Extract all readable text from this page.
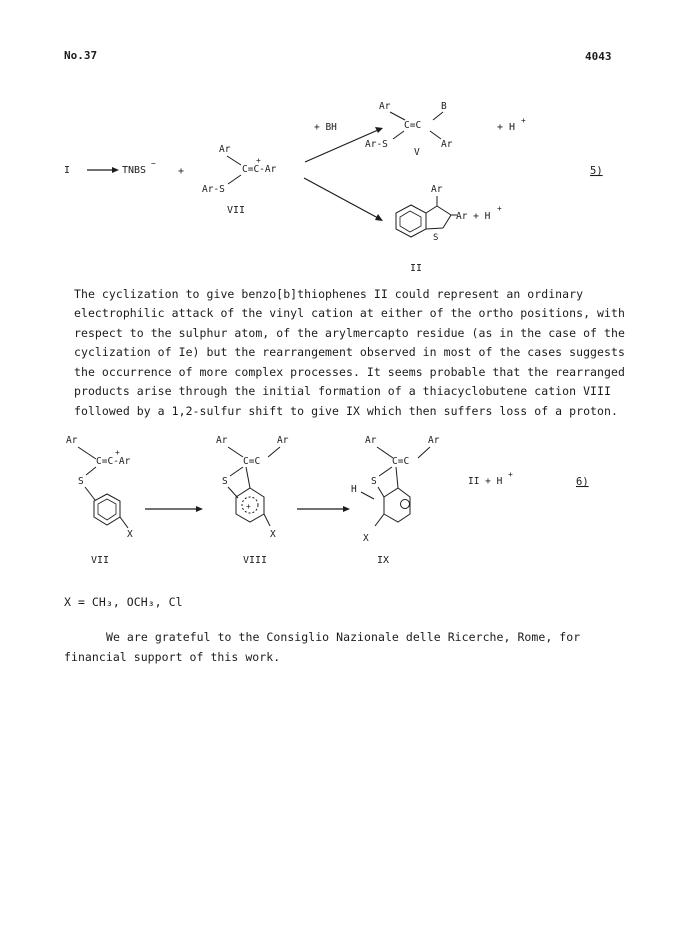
No.37	4043
I	TNBS
−
+
Ar
+
C=C-Ar
Ar-S
VII
+ BH
Ar	B
C=C
Ar-S	Ar
V
+ H
+
Ar
Ar + H
+
S
II
5)
The cyclization to give benzo[b]thiophenes II could represent an ordinary
electrophilic attack of the vinyl cation at either of the ortho positions, with
respect to the sulphur atom, of the arylmercapto residue (as in the case of the
cyclization of Ie) but the rearrangement observed in most of the cases suggests
the occurrence of more complex processes. It seems probable that the rearranged
products arise through the initial formation of a thiacyclobutene cation VIII
followed by a 1,2-sulfur shift to give IX which then suffers loss of a proton.
Ar
+
C=C-Ar
S
X
VII
Ar	Ar
C=C
S
+
X
VIII
Ar	Ar
C=C
S
H
X
IX
II + H
+
6)
X = CH₃, OCH₃, Cl
We are grateful to the Consiglio Nazionale delle Ricerche, Rome, for
financial support of this work.
